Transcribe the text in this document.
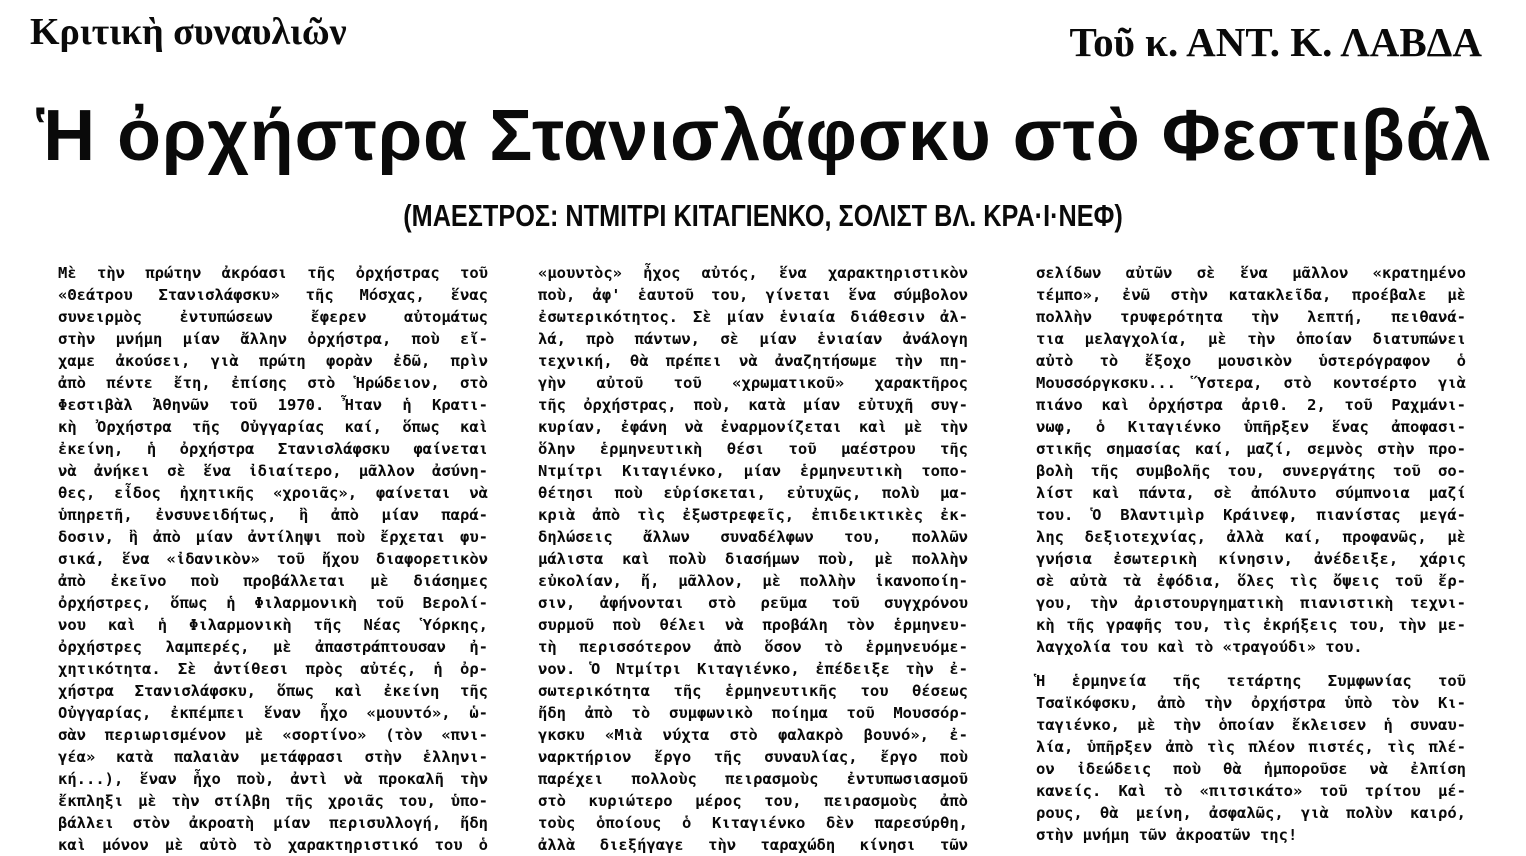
Κριτικὴ συναυλιῶν	Τοῦ κ. ΑΝΤ. Κ. ΛΑΒΔΑ
Ἡ ὀρχήστρα Στανισλάφσκυ στὸ Φεστιβάλ
(ΜΑΕΣΤΡΟΣ: ΝΤΜΙΤΡΙ ΚΙΤΑΓΙΕΝΚΟ, ΣΟΛΙΣΤ ΒΛ. ΚΡΑ·Ι·ΝΕΦ)
Μὲ τὴν πρώτην ἀκρόασι τῆς ὀρχήστρας τοῦ
«Θεάτρου Στανισλάφσκυ» τῆς Μόσχας, ἕνας
συνειρμὸς ἐντυπώσεων ἔφερεν αὐτομάτως
στὴν μνήμη μίαν ἄλλην ὀρχήστρα, ποὺ εἴ-
χαμε ἀκούσει, γιὰ πρώτη φορὰν ἐδῶ, πρὶν
ἀπὸ πέντε ἔτη, ἐπίσης στὸ Ἡρώδειον, στὸ
Φεστιβὰλ Ἀθηνῶν τοῦ 1970. Ἦταν ἡ Κρατι-
κὴ Ὀρχήστρα τῆς Οὐγγαρίας καί, ὅπως καὶ
ἐκείνη, ἡ ὀρχήστρα Στανισλάφσκυ φαίνεται
νὰ ἀνήκει σὲ ἕνα ἰδιαίτερο, μᾶλλον ἀσύνη-
θες, εἶδος ἠχητικῆς «χροιᾶς», φαίνεται νὰ
ὑπηρετῆ, ἐνσυνειδήτως, ἢ ἀπὸ μίαν παρά-
δοσιν, ἢ ἀπὸ μίαν ἀντίληψι ποὺ ἔρχεται φυ-
σικά, ἕνα «ἰδανικὸν» τοῦ ἤχου διαφορετικὸν
ἀπὸ ἐκεῖνο ποὺ προβάλλεται μὲ διάσημες
ὀρχήστρες, ὅπως ἡ Φιλαρμονικὴ τοῦ Βερολί-
νου καὶ ἡ Φιλαρμονικὴ τῆς Νέας Ὑόρκης,
ὀρχήστρες λαμπερές, μὲ ἀπαστράπτουσαν ἠ-
χητικότητα. Σὲ ἀντίθεσι πρὸς αὐτές, ἡ ὀρ-
χήστρα Στανισλάφσκυ, ὅπως καὶ ἐκείνη τῆς
Οὐγγαρίας, ἐκπέμπει ἕναν ἦχο «μουντό», ὡ-
σὰν περιωρισμένον μὲ «σορτίνο» (τὸν «πνι-
γέα» κατὰ παλαιὰν μετάφρασι στὴν ἑλληνι-
κή...), ἕναν ἦχο ποὺ, ἀντὶ νὰ προκαλῆ τὴν
ἔκπληξι μὲ τὴν στίλβη τῆς χροιᾶς του, ὑπο-
βάλλει στὸν ἀκροατὴ μίαν περισυλλογή, ἤδη
καὶ μόνον μὲ αὐτὸ τὸ χαρακτηριστικό του ὁ
«μουντὸς» ἦχος αὐτός, ἕνα χαρακτηριστικὸν
ποὺ, ἀφ' ἑαυτοῦ του, γίνεται ἕνα σύμβολον
ἐσωτερικότητος. Σὲ μίαν ἑνιαία διάθεσιν ἀλ-
λά, πρὸ πάντων, σὲ μίαν ἑνιαίαν ἀνάλογη
τεχνική, θὰ πρέπει νὰ ἀναζητήσωμε τὴν πη-
γὴν αὐτοῦ τοῦ «χρωματικοῦ» χαρακτῆρος
τῆς ὀρχήστρας, ποὺ, κατὰ μίαν εὐτυχῆ συγ-
κυρίαν, ἐφάνη νὰ ἐναρμονίζεται καὶ μὲ τὴν
ὅλην ἑρμηνευτικὴ θέσι τοῦ μαέστρου τῆς
Ντμίτρι Κιταγιένκο, μίαν ἑρμηνευτικὴ τοπο-
θέτησι ποὺ εὑρίσκεται, εὐτυχῶς, πολὺ μα-
κριὰ ἀπὸ τὶς ἐξωστρεφεῖς, ἐπιδεικτικὲς ἐκ-
δηλώσεις ἄλλων συναδέλφων του, πολλῶν
μάλιστα καὶ πολὺ διασήμων ποὺ, μὲ πολλὴν
εὐκολίαν, ἤ, μᾶλλον, μὲ πολλὴν ἱκανοποίη-
σιν, ἀφήνονται στὸ ρεῦμα τοῦ συγχρόνου
συρμοῦ ποὺ θέλει νὰ προβάλη τὸν ἑρμηνευ-
τὴ περισσότερον ἀπὸ ὅσον τὸ ἑρμηνευόμε-
νον. Ὁ Ντμίτρι Κιταγιένκο, ἐπέδειξε τὴν ἐ-
σωτερικότητα τῆς ἑρμηνευτικῆς του θέσεως
ἤδη ἀπὸ τὸ συμφωνικὸ ποίημα τοῦ Μουσσόρ-
γκσκυ «Μιὰ νύχτα στὸ φαλακρὸ βουνό», ἐ-
ναρκτήριον ἔργο τῆς συναυλίας, ἔργο ποὺ
παρέχει πολλοὺς πειρασμοὺς ἐντυπωσιασμοῦ
στὸ κυριώτερο μέρος του, πειρασμοὺς ἀπὸ
τοὺς ὁποίους ὁ Κιταγιένκο δὲν παρεσύρθη,
ἀλλὰ διεξήγαγε τὴν ταραχώδη κίνησι τῶν
σελίδων αὐτῶν σὲ ἕνα μᾶλλον «κρατημένο
τέμπο», ἐνῶ στὴν κατακλεῖδα, προέβαλε μὲ
πολλὴν τρυφερότητα τὴν λεπτή, πειθανά-
τια μελαγχολία, μὲ τὴν ὁποίαν διατυπώνει
αὐτὸ τὸ ἔξοχο μουσικὸν ὑστερόγραφον ὁ
Μουσσόργκσκυ... Ὕστερα, στὸ κοντσέρτο γιὰ
πιάνο καὶ ὀρχήστρα ἀριθ. 2, τοῦ Ραχμάνι-
νωφ, ὁ Κιταγιένκο ὑπῆρξεν ἕνας ἀποφασι-
στικῆς σημασίας καί, μαζί, σεμνὸς στὴν προ-
βολὴ τῆς συμβολῆς του, συνεργάτης τοῦ σο-
λίστ καὶ πάντα, σὲ ἀπόλυτο σύμπνοια μαζί
του. Ὁ Βλαντιμὶρ Κράινεφ, πιανίστας μεγά-
λης δεξιοτεχνίας, ἀλλὰ καί, προφανῶς, μὲ
γνήσια ἐσωτερικὴ κίνησιν, ἀνέδειξε, χάρις
σὲ αὐτὰ τὰ ἐφόδια, ὅλες τὶς ὄψεις τοῦ ἔρ-
γου, τὴν ἀριστουργηματικὴ πιανιστικὴ τεχνι-
κὴ τῆς γραφῆς του, τὶς ἐκρήξεις του, τὴν με-
λαγχολία του καὶ τὸ «τραγούδι» του.
Ἡ ἑρμηνεία τῆς τετάρτης Συμφωνίας τοῦ
Τσαϊκόφσκυ, ἀπὸ τὴν ὀρχήστρα ὑπὸ τὸν Κι-
ταγιένκο, μὲ τὴν ὁποίαν ἔκλεισεν ἡ συναυ-
λία, ὑπῆρξεν ἀπὸ τὶς πλέον πιστές, τὶς πλέ-
ον ἰδεώδεις ποὺ θὰ ἠμποροῦσε νὰ ἐλπίση
κανείς. Καὶ τὸ «πιτσικάτο» τοῦ τρίτου μέ-
ρους, θὰ μείνη, ἀσφαλῶς, γιὰ πολὺν καιρό,
στὴν μνήμη τῶν ἀκροατῶν της!
